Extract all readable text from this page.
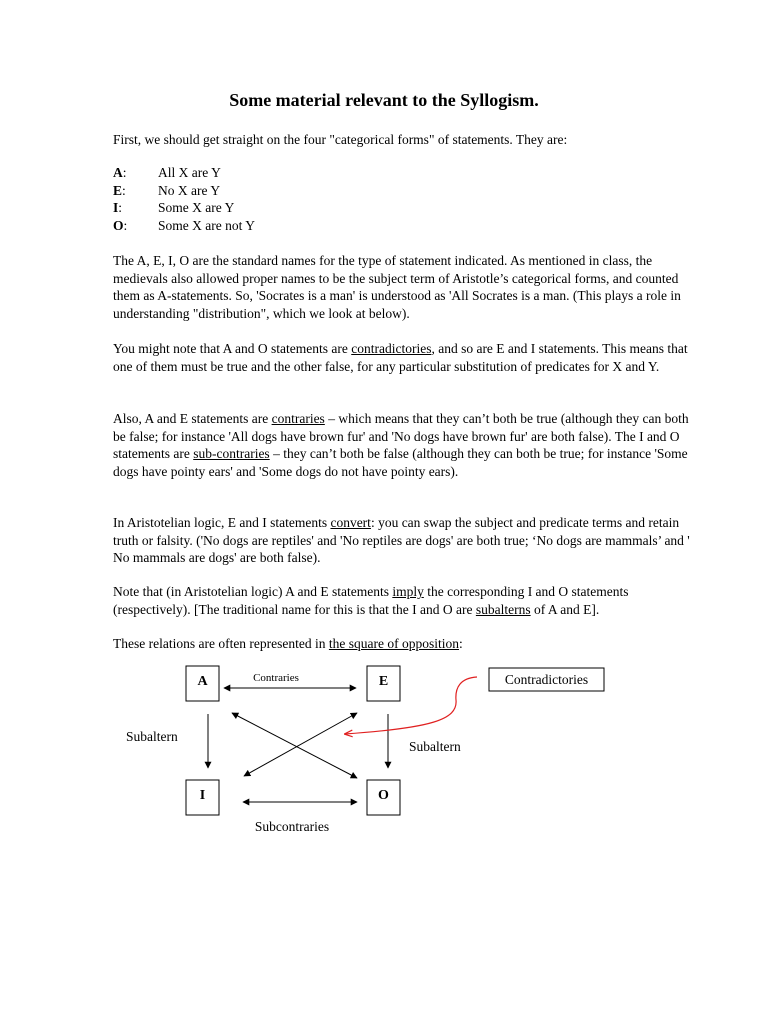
Some material relevant to the Syllogism.

First, we should get straight on the four "categorical forms" of statements. They are:

A:	All X are Y
E:	No X are Y
I:	Some X are Y
O:	Some X are not Y

The A, E, I, O are the standard names for the type of statement indicated. As mentioned in class, the medievals also allowed proper names to be the subject term of Aristotle’s categorical forms, and counted them as A-statements. So, 'Socrates is a man' is understood as 'All Socrates is a man. (This plays a role in understanding "distribution", which we look at below).

You might note that A and O statements are contradictories, and so are E and I statements. This means that one of them must be true and the other false, for any particular substitution of predicates for X and Y.

Also, A and E statements are contraries – which means that they can’t both be true (although they can both be false; for instance 'All dogs have brown fur' and 'No dogs have brown fur' are both false). The I and O statements are sub-contraries – they can’t both be false (although they can both be true; for instance 'Some dogs have pointy ears' and 'Some dogs do not have pointy ears).

In Aristotelian logic, E and I statements convert: you can swap the subject and predicate terms and retain truth or falsity. ('No dogs are reptiles' and 'No reptiles are dogs' are both true; ‘No dogs are mammals’ and ' No mammals are dogs' are both false).

Note that (in Aristotelian logic) A and E statements imply the corresponding I and O statements (respectively). [The traditional name for this is that the I and O are subalterns of A and E].

These relations are often represented in the square of opposition:

A	E
I	O
Contradictories
Contraries
Subaltern
Subaltern
Subcontraries
